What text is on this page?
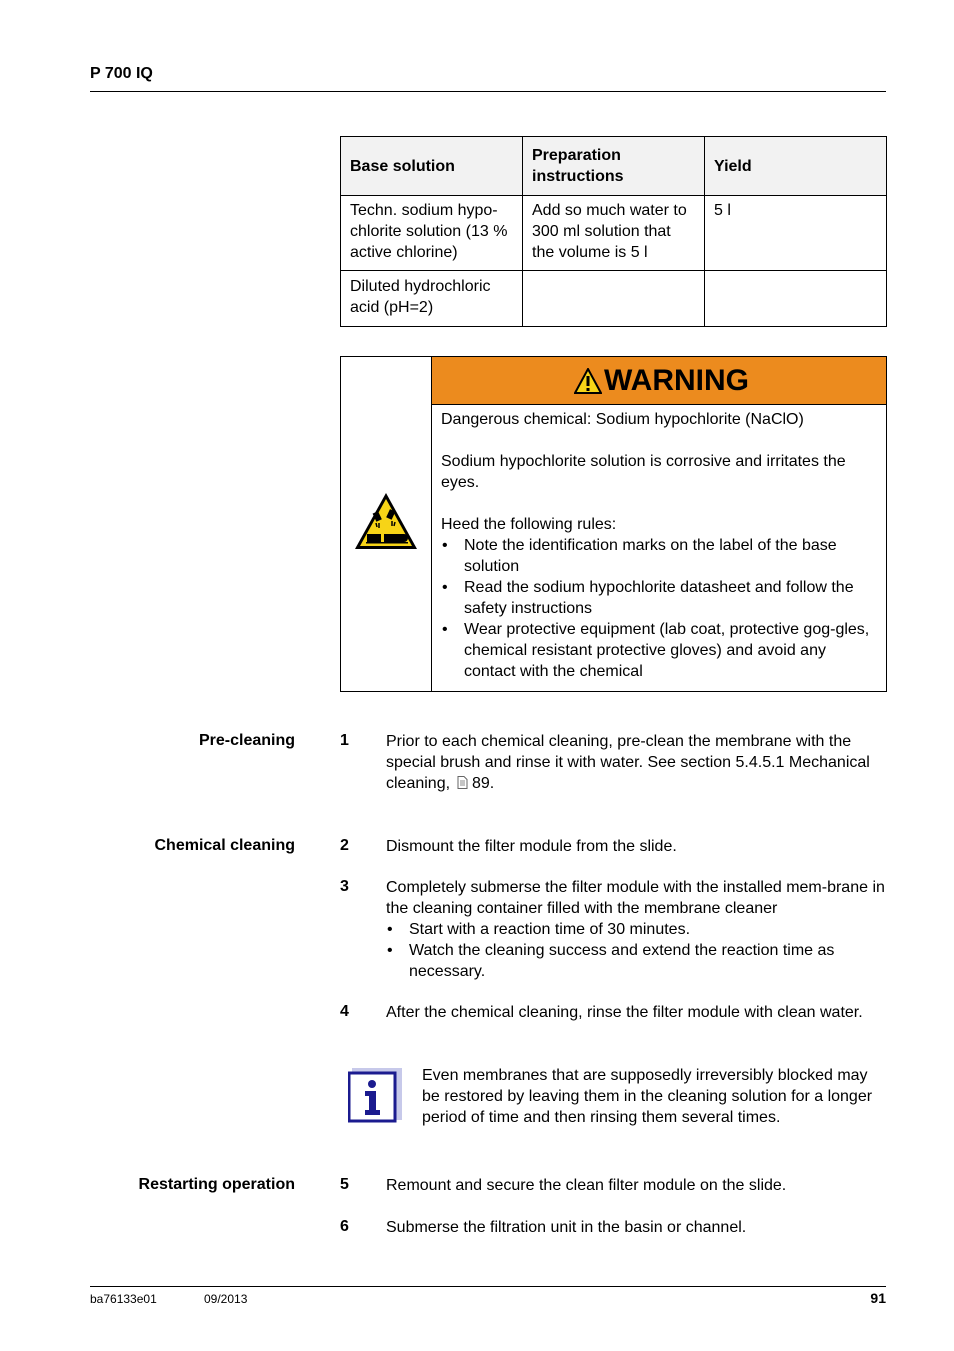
P 700 IQ
Base solution	Preparation instructions	Yield
Techn. sodium hypo-chlorite solution (13 % active chlorine)	Add so much water to 300 ml solution that the volume is 5 l	5 l
Diluted hydrochloric acid (pH=2)		
WARNING

Dangerous chemical: Sodium hypochlorite (NaClO)

Sodium hypochlorite solution is corrosive and irritates the eyes.

Heed the following rules:

• Note the identification marks on the label of the base solution
• Read the sodium hypochlorite datasheet and follow the safety instructions
• Wear protective equipment (lab coat, protective gog-gles, chemical resistant protective gloves) and avoid any contact with the chemical
Pre-cleaning	1 Prior to each chemical cleaning, pre-clean the membrane with the special brush and rinse it with water. See section 5.4.5.1 Mechanical cleaning, 89.
Chemical cleaning	2 Dismount the filter module from the slide.
3 Completely submerse the filter module with the installed mem-brane in the cleaning container filled with the membrane cleaner
• Start with a reaction time of 30 minutes.
• Watch the cleaning success and extend the reaction time as necessary.
4 After the chemical cleaning, rinse the filter module with clean water.
Even membranes that are supposedly irreversibly blocked may be restored by leaving them in the cleaning solution for a longer period of time and then rinsing them several times.
Restarting operation	5 Remount and secure the clean filter module on the slide.
6 Submerse the filtration unit in the basin or channel.
ba76133e01	09/2013	91
